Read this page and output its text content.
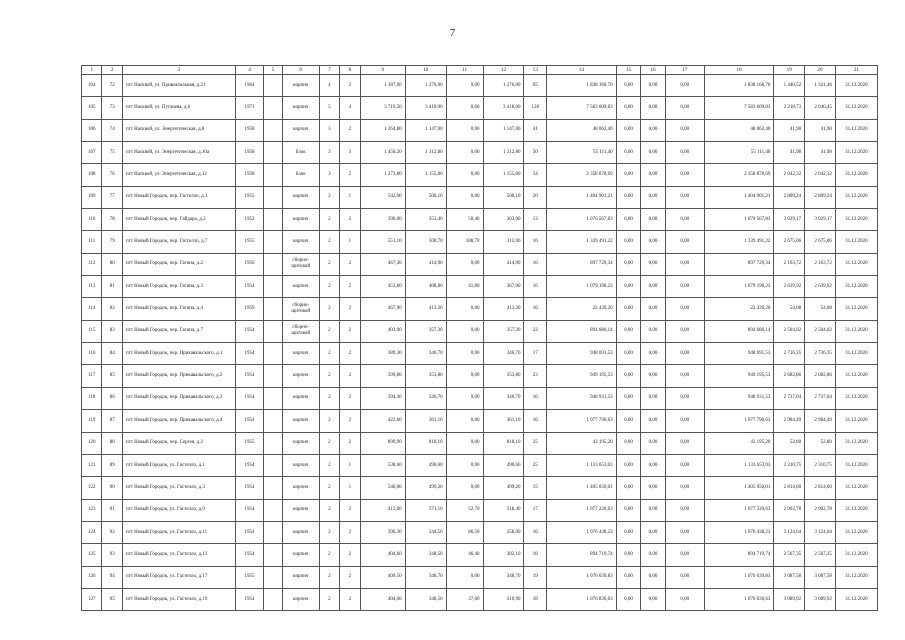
7
1	2	3	4	5	6	7	8	9	10	11	12	13	14	15	16	17	18	19	20	21
104	72	пгт Насквой, ул. Привокзальная, д.21	1964		кирпич	4	2	1 387,00	1 276,00	0,00	1 276,00	65	1 838 168,70	0,00	0,00	0,00	1 838 168,70	1 440,52	1 321,46	31.12.2020
105	73	пгт Насквой, ул. Пугачева, д.6	1971		кирпич	5	4	3 719,50	3 418,00	0,00	3 418,00	128	7 583 609,83	0,00	0,00	0,00	7 583 609,83	2 218,73	2 046,45	31.12.2020
106	74	пгт Насквой, ул. Энергетическая, д.8	1958		кирпич	3	2	1 264,80	1 147,00	0,00	1 147,00	41	48 062,40	0,00	0,00	0,00	48 062,40	41,90	41,90	31.12.2020
107	75	пгт Насквой, ул. Энергетическая, д.10а	1958		блок	3	3	1 450,20	1 312,80	0,00	1 312,80	50	55 111,40	0,00	0,00	0,00	55 111,40	41,98	41,98	31.12.2020
108	76	пгт Насквой, ул. Энергетическая, д.12	1958		блок	3	2	1 273,80	1 155,00	0,00	1 155,00	34	2 358 878,69	0,00	0,00	0,00	2 358 878,69	2 042,32	2 042,32	31.12.2020
109	77	пгт Новый Городок, пер. Гастелло, д.1	1955		кирпич	2	1	542,90	500,10	0,00	500,10	20	1 404 901,21	0,00	0,00	0,00	1 404 901,21	2 809,24	2 809,24	31.12.2020
110	78	пгт Новый Городок, пер. Гайдара, д.2	1952		кирпич	2	2	390,00	353,40	50,40	303,00	13	1 070 567,83	0,00	0,00	0,00	1 070 567,83	3 029,17	3 029,17	31.12.2020
111	79	пгт Новый Городок, пер. Гастелло, д.7	1955		кирпич	2	1	551,10	500,70	188,70	312,00	16	1 339 491,22	0,00	0,00	0,00	1 339 491,22	2 675,06	2 675,06	31.12.2020
112	80	пгт Новый Городок, пер. Гагина, д.2	1956		сборно-щитовой	2	2	467,30	414,90	0,00	414,90	16	897 729,34	0,00	0,00	0,00	897 729,34	2 163,72	2 163,72	31.12.2020
113	81	пгт Новый Городок, пер. Гагина, д.3	1954		кирпич	2	2	453,80	408,80	41,80	367,00	16	1 079 198,23	0,00	0,00	0,00	1 079 198,23	2 639,92	2 639,92	31.12.2020
114	82	пгт Новый Городок, пер. Гагина, д.4	1959		сборно-щитовой	2	2	467,90	413,30	0,00	413,30	16	22 439,20	0,00	0,00	0,00	22 439,20	54,08	54,08	31.12.2020
115	83	пгт Новый Городок, пер. Гагина, д.7	1954		сборно-щитовой	2	2	403,90	357,30	0,00	357,30	22	894 686,14	0,00	0,00	0,00	894 686,14	2 504,02	2 504,02	31.12.2020
116	84	пгт Новый Городок, пер. Прикавальского, д.1	1954		кирпич	2	2	389,30	346,70	0,00	346,70	17	948 691,53	0,00	0,00	0,00	948 691,53	2 736,35	2 736,35	31.12.2020
117	85	пгт Новый Городок, пер. Прикавальского, д.2	1954		кирпич	2	2	399,80	353,80	0,00	353,80	23	949 195,53	0,00	0,00	0,00	949 195,53	2 682,86	2 682,86	31.12.2020
118	86	пгт Новый Городок, пер. Прикавальского, д.3	1954		кирпич	2	2	394,30	346,70	0,00	346,70	16	948 931,53	0,00	0,00	0,00	948 931,53	2 737,04	2 737,04	31.12.2020
119	87	пгт Новый Городок, пер. Прикавальского, д.4	1954		кирпич	2	2	422,60	361,10	0,00	361,10	16	1 077 790,63	0,00	0,00	0,00	1 077 790,63	2 984,49	2 984,49	31.12.2020
120	88	пгт Новый Городок, пер. Сергея, д.2	1955		кирпич	2	2	899,90	818,10	0,00	818,10	25	43 195,20	0,00	0,00	0,00	43 195,20	52,80	52,80	31.12.2020
121	89	пгт Новый Городок, ул. Гастелло, д.1	1954		кирпич	2	1	538,60	490,60	0,00	490,60	25	1 133 653,03	0,00	0,00	0,00	1 133 653,03	2 310,75	2 310,75	31.12.2020
122	90	пгт Новый Городок, ул. Гастелло, д.3	1954		кирпич	2	1	546,00	499,20	0,00	499,20	15	1 405 050,01	0,00	0,00	0,00	1 405 050,01	2 814,60	2 814,60	31.12.2020
123	91	пгт Новый Городок, ул. Гастелло, д.9	1954		кирпич	2	2	412,60	371,10	52,70	318,40	17	1 077 220,63	0,00	0,00	0,00	1 077 220,63	2 902,78	2 902,78	31.12.2020
124	92	пгт Новый Городок, ул. Гастелло, д.11	1954		кирпич	2	2	396,30	344,50	86,50	258,00	16	1 076 438,23	0,00	0,00	0,00	1 076 438,23	3 124,64	3 124,64	31.12.2020
125	93	пгт Новый Городок, ул. Гастелло, д.13	1954		кирпич	2	2	404,60	348,50	46,40	302,10	18	894 719,74	0,00	0,00	0,00	894 719,74	2 567,35	2 567,35	31.12.2020
126	94	пгт Новый Городок, ул. Гастелло, д.17	1955		кирпич	2	2	400,50	348,70	0,00	348,70	19	1 076 639,83	0,00	0,00	0,00	1 076 639,83	3 087,58	3 087,58	31.12.2020
127	95	пгт Новый Городок, ул. Гастелло, д.19	1954		кирпич	2	2	404,60	348,50	37,60	310,90	18	1 076 836,63	0,00	0,00	0,00	1 076 836,63	3 089,92	3 089,92	31.12.2020
